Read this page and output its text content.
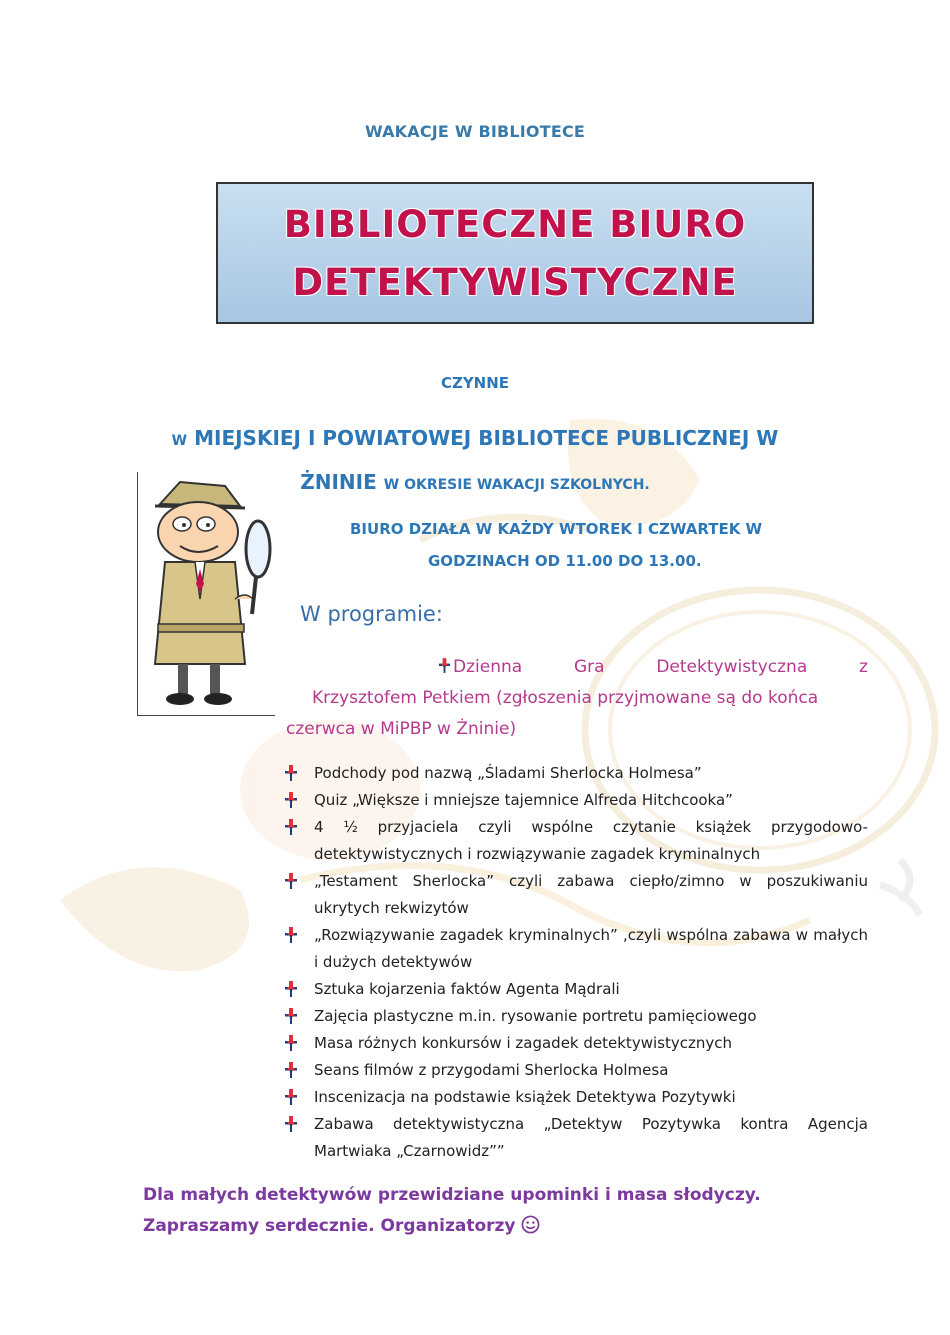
WAKACJE W BIBLIOTECE
BIBLIOTECZNE BIURO
DETEKTYWISTYCZNE
CZYNNE
W MIEJSKIEJ I POWIATOWEJ BIBLIOTECE PUBLICZNEJ W
ŻNINIE W OKRESIE WAKACJI SZKOLNYCH.
BIURO DZIAŁA W KAŻDY WTOREK I CZWARTEK W
GODZINACH OD 11.00 DO 13.00.
W programie:
Dzienna	Gra	Detektywistyczna	z
Krzysztofem Petkiem (zgłoszenia przyjmowane są do końca
czerwca w MiPBP w Żninie)
Podchody pod nazwą „Śladami Sherlocka Holmesa”
Quiz „Większe i mniejsze tajemnice Alfreda Hitchcooka”
4 ½ przyjaciela czyli wspólne czytanie książek przygodowo-detektywistycznych i rozwiązywanie zagadek kryminalnych
„Testament Sherlocka” czyli zabawa ciepło/zimno w poszukiwaniu ukrytych rekwizytów
„Rozwiązywanie zagadek kryminalnych” ,czyli wspólna zabawa w małych i dużych detektywów
Sztuka kojarzenia faktów Agenta Mądrali
Zajęcia plastyczne m.in. rysowanie portretu pamięciowego
Masa różnych konkursów i zagadek detektywistycznych
Seans filmów z przygodami Sherlocka Holmesa
Inscenizacja na podstawie książek Detektywa Pozytywki
Zabawa detektywistyczna „Detektyw Pozytywka kontra Agencja Martwiaka „Czarnowidz””
Dla małych detektywów przewidziane upominki i masa słodyczy. Zapraszamy serdecznie. Organizatorzy
